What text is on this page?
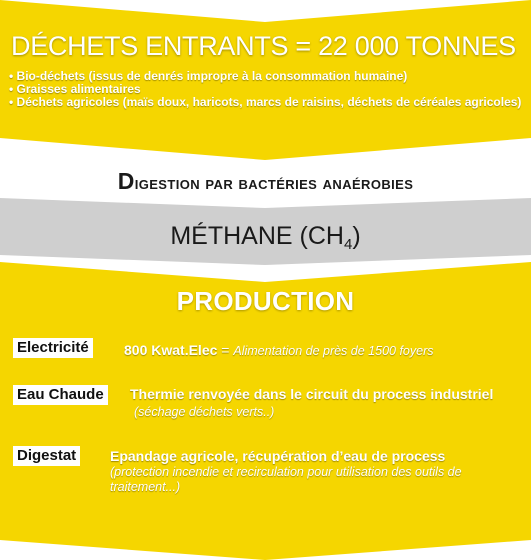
DÉCHETS ENTRANTS = 22 000 TONNES
• Bio-déchets (issus de denrés impropre à la consommation humaine)
• Graisses alimentaires
• Déchets agricoles (maïs doux, haricots, marcs de raisins, déchets de céréales agricoles)
Digestion par bactéries anaérobies
MÉTHANE $(CH_4)$
PRODUCTION
Electricité	800 Kwat.Elec = Alimentation de près de 1500 foyers
Eau Chaude Thermie renvoyée dans le circuit du process industriel (séchage déchets verts..)
Digestat Epandage agricole, récupération d’eau de process
(protection incendie et recirculation pour utilisation des outils de traitement...)
